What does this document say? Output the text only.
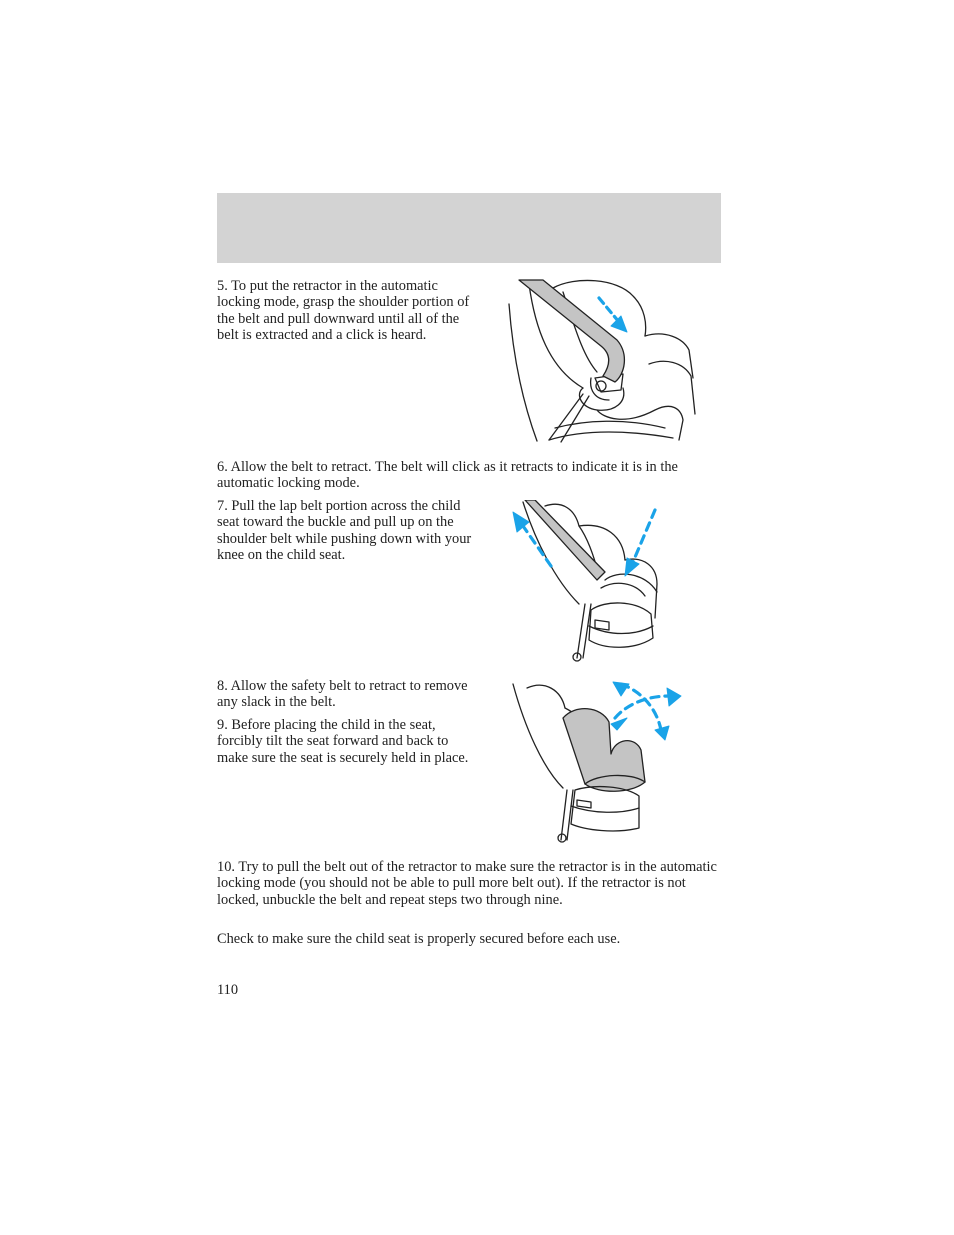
5. To put the retractor in the automatic locking mode, grasp the shoulder portion of the belt and pull downward until all of the belt is extracted and a click is heard.

6. Allow the belt to retract. The belt will click as it retracts to indicate it is in the automatic locking mode.

7. Pull the lap belt portion across the child seat toward the buckle and pull up on the shoulder belt while pushing down with your knee on the child seat.

8. Allow the safety belt to retract to remove any slack in the belt.

9. Before placing the child in the seat, forcibly tilt the seat forward and back to make sure the seat is securely held in place.

10. Try to pull the belt out of the retractor to make sure the retractor is in the automatic locking mode (you should not be able to pull more belt out). If the retractor is not locked, unbuckle the belt and repeat steps two through nine.

Check to make sure the child seat is properly secured before each use.

110
